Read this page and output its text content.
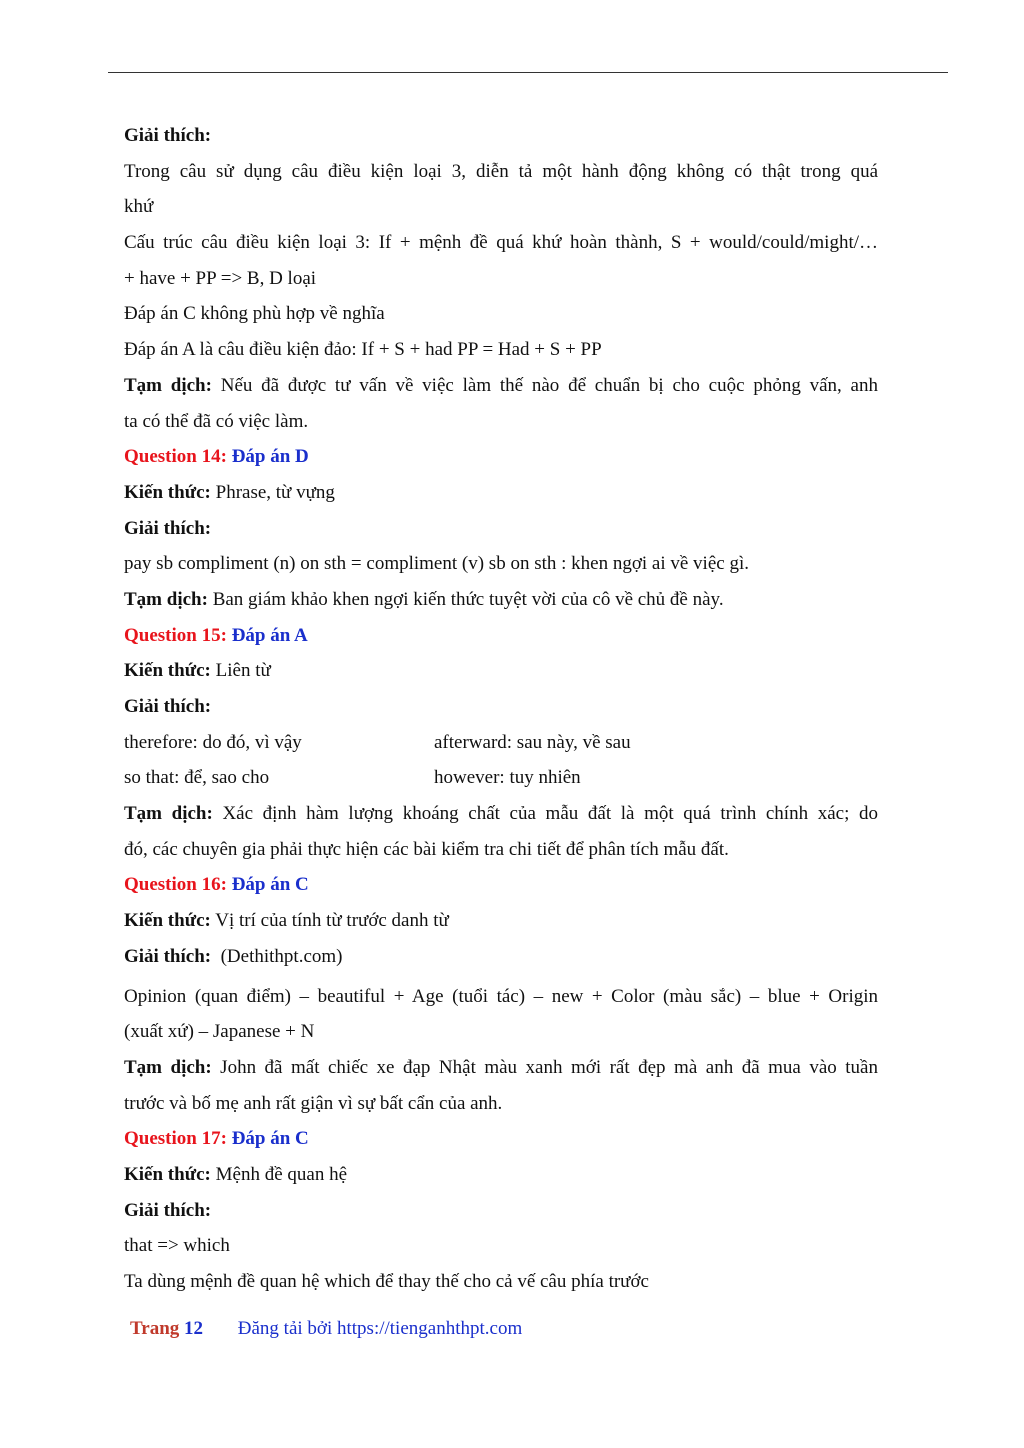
Giải thích:
Trong câu sử dụng câu điều kiện loại 3, diễn tả một hành động không có thật trong quá
khứ
Cấu trúc câu điều kiện loại 3: If + mệnh đề quá khứ hoàn thành, S + would/could/might/…
+ have + PP => B, D loại
Đáp án C không phù hợp về nghĩa
Đáp án A là câu điều kiện đảo: If + S + had PP = Had + S + PP
Tạm dịch: Nếu đã được tư vấn về việc làm thế nào để chuẩn bị cho cuộc phỏng vấn, anh
ta có thể đã có việc làm.
Question 14: Đáp án D
Kiến thức: Phrase, từ vựng
Giải thích:
pay sb compliment (n) on sth = compliment (v) sb on sth : khen ngợi ai về việc gì.
Tạm dịch: Ban giám khảo khen ngợi kiến thức tuyệt vời của cô về chủ đề này.
Question 15: Đáp án A
Kiến thức: Liên từ
Giải thích:
therefore: do đó, vì vậy	afterward: sau này, về sau
so that: để, sao cho	however: tuy nhiên
Tạm dịch: Xác định hàm lượng khoáng chất của mẫu đất là một quá trình chính xác; do
đó, các chuyên gia phải thực hiện các bài kiểm tra chi tiết để phân tích mẫu đất.
Question 16: Đáp án C
Kiến thức: Vị trí của tính từ trước danh từ
Giải thích:  (Dethithpt.com)
Opinion (quan điểm) – beautiful + Age (tuổi tác) – new + Color (màu sắc) – blue + Origin
(xuất xứ) – Japanese + N
Tạm dịch: John đã mất chiếc xe đạp Nhật màu xanh mới rất đẹp mà anh đã mua vào tuần
trước và bố mẹ anh rất giận vì sự bất cẩn của anh.
Question 17: Đáp án C
Kiến thức: Mệnh đề quan hệ
Giải thích:
that => which
Ta dùng mệnh đề quan hệ which để thay thế cho cả vế câu phía trước
Trang 12 Đăng tải bởi https://tienganhthpt.com
